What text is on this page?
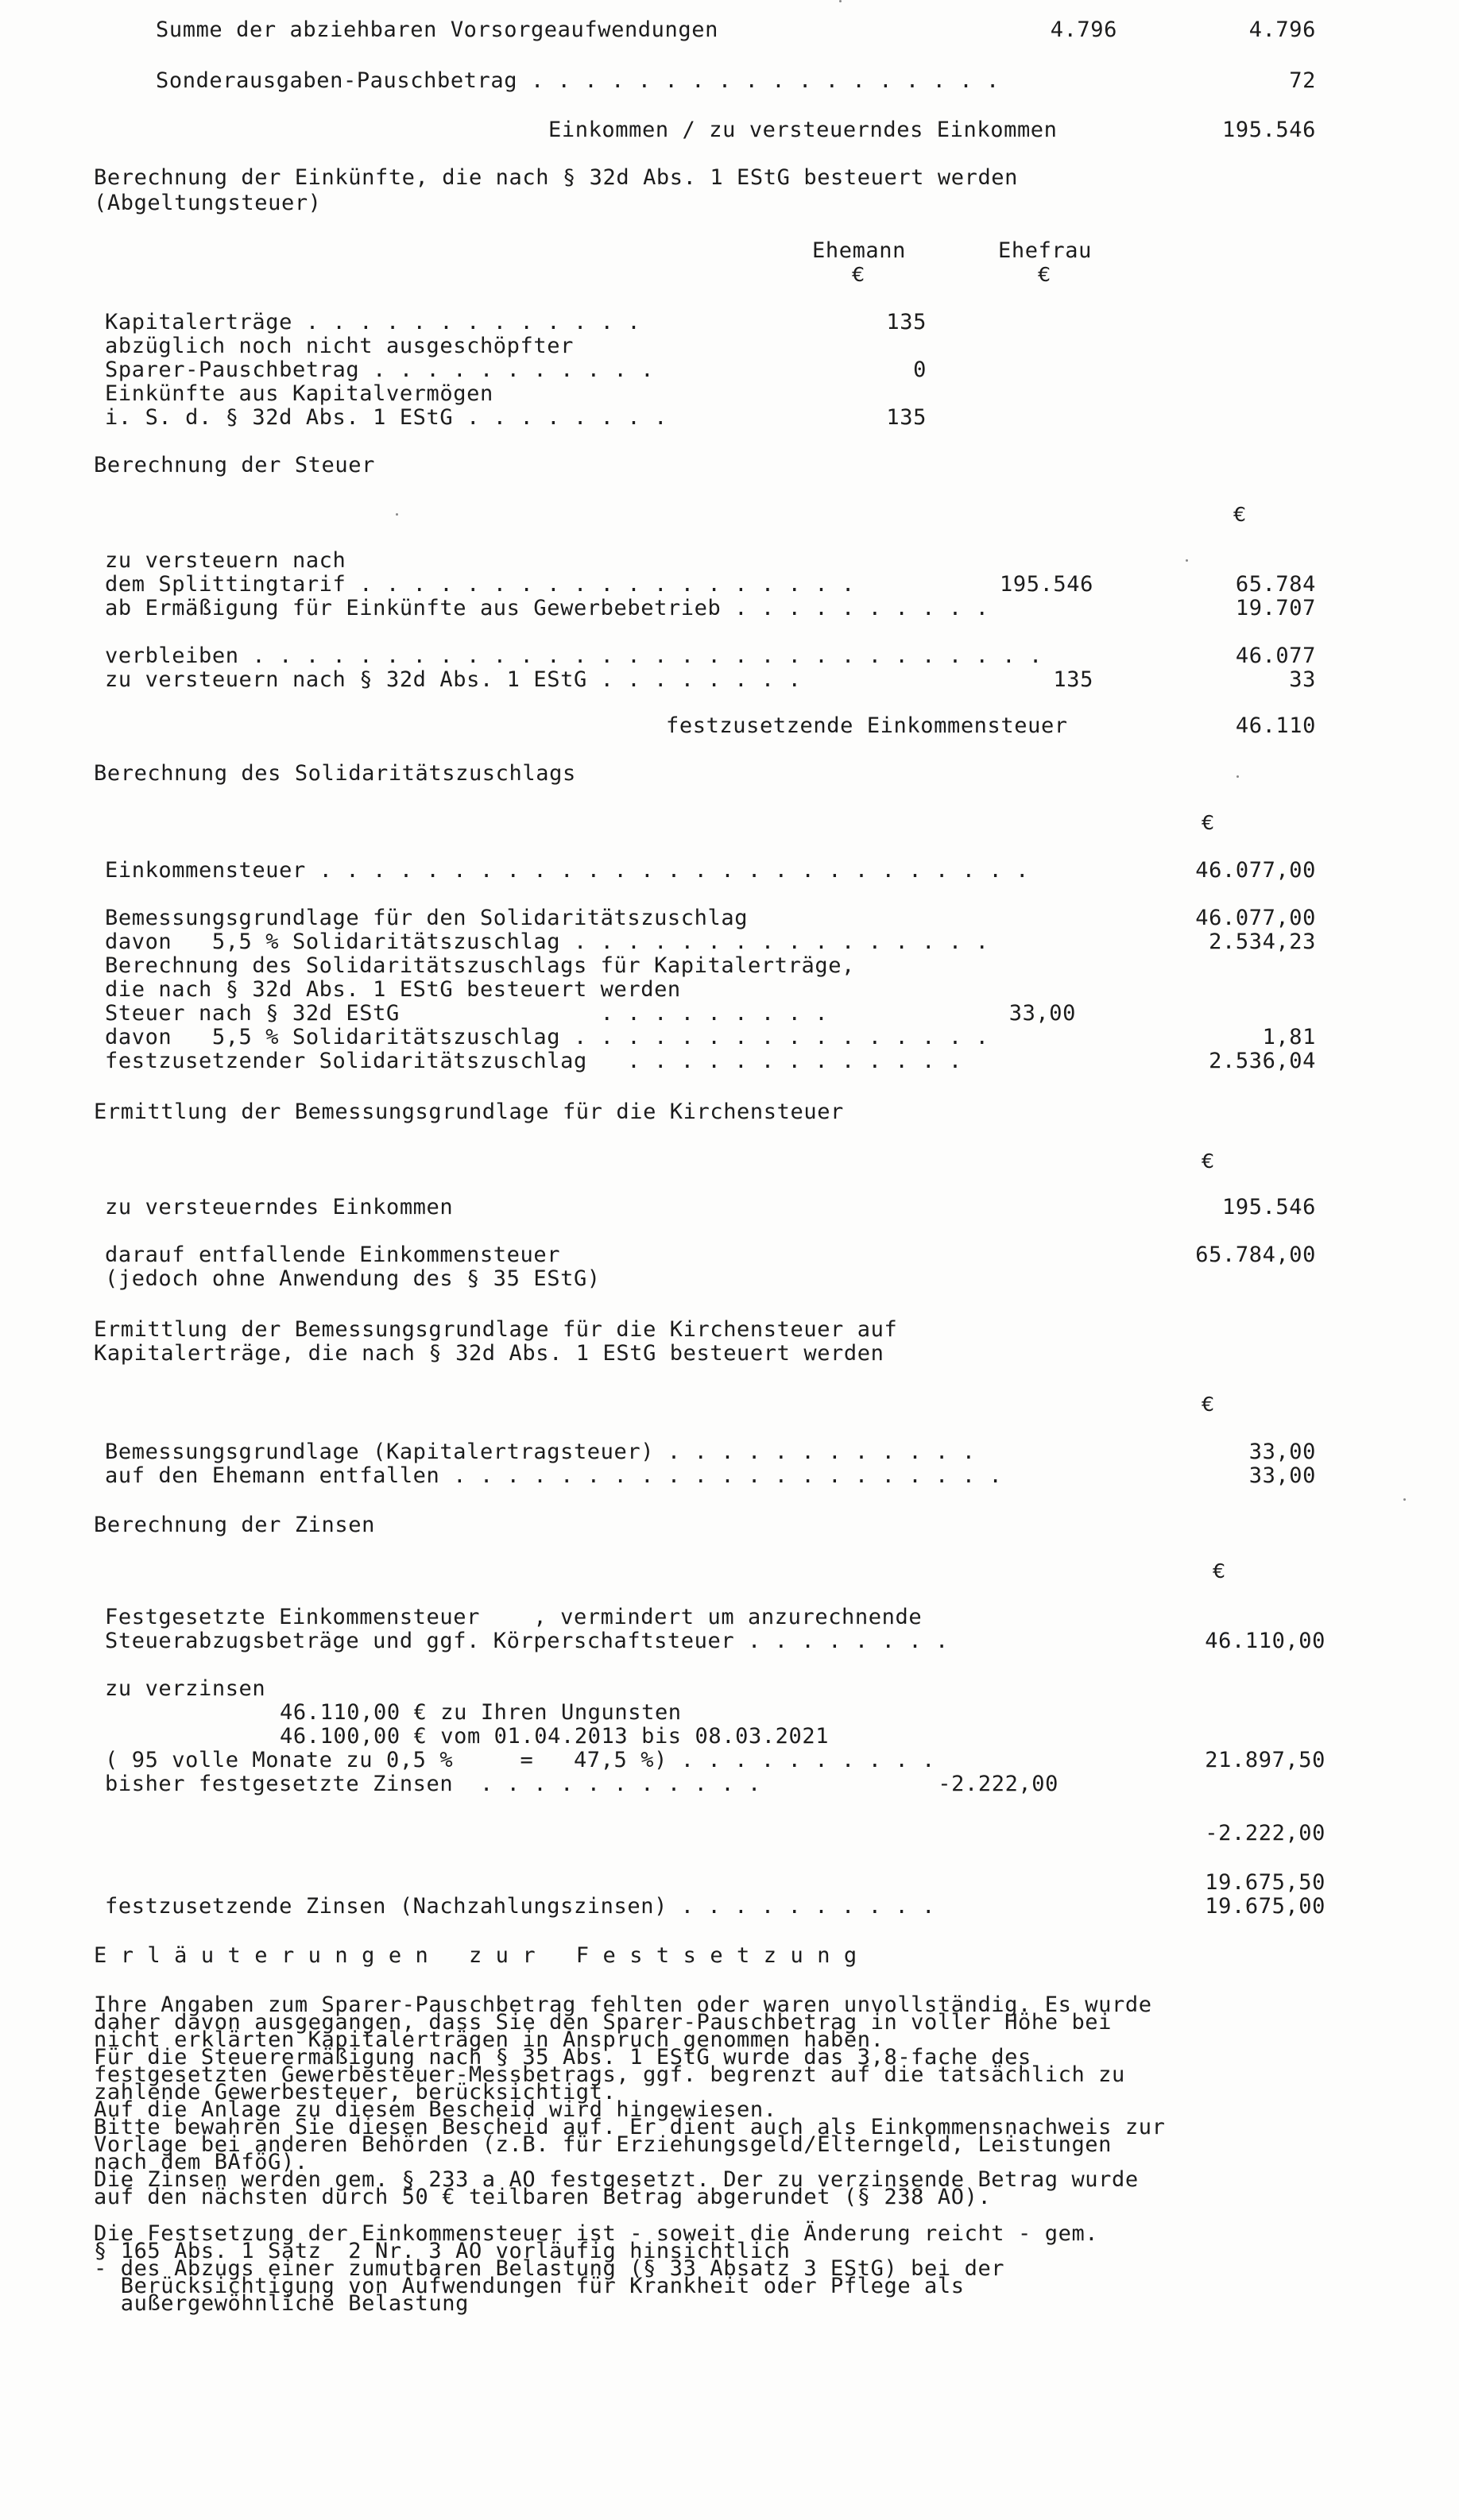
Summe der abziehbaren Vorsorgeaufwendungen	4.796	4.796
Sonderausgaben-Pauschbetrag . . . . . . . . . . . . . . . . . .	72
Einkommen / zu versteuerndes Einkommen	195.546
Berechnung der Einkünfte, die nach § 32d Abs. 1 EStG besteuert werden
(Abgeltungsteuer)
Ehemann	Ehefrau
€	€
Kapitalerträge . . . . . . . . . . . . .	135
abzüglich noch nicht ausgeschöpfter
Sparer-Pauschbetrag . . . . . . . . . . .	0
Einkünfte aus Kapitalvermögen
i. S. d. § 32d Abs. 1 EStG . . . . . . . .	135
Berechnung der Steuer
€
zu versteuern nach
dem Splittingtarif . . . . . . . . . . . . . . . . . . .	195.546	65.784
ab Ermäßigung für Einkünfte aus Gewerbebetrieb . . . . . . . . . .	19.707
verbleiben . . . . . . . . . . . . . . . . . . . . . . . . . . . . . .	46.077
zu versteuern nach § 32d Abs. 1 EStG . . . . . . . .	135	33
festzusetzende Einkommensteuer	46.110
Berechnung des Solidaritätszuschlags
€
Einkommensteuer . . . . . . . . . . . . . . . . . . . . . . . . . . .	46.077,00
Bemessungsgrundlage für den Solidaritätszuschlag	46.077,00
davon   5,5 % Solidaritätszuschlag . . . . . . . . . . . . . . . .	2.534,23
Berechnung des Solidaritätszuschlags für Kapitalerträge,
die nach § 32d Abs. 1 EStG besteuert werden
Steuer nach § 32d EStG               . . . . . . . . .	33,00
davon   5,5 % Solidaritätszuschlag . . . . . . . . . . . . . . . .	1,81
festzusetzender Solidaritätszuschlag   . . . . . . . . . . . . .	2.536,04
Ermittlung der Bemessungsgrundlage für die Kirchensteuer
€
zu versteuerndes Einkommen	195.546
darauf entfallende Einkommensteuer	65.784,00
(jedoch ohne Anwendung des § 35 EStG)
Ermittlung der Bemessungsgrundlage für die Kirchensteuer auf
Kapitalerträge, die nach § 32d Abs. 1 EStG besteuert werden
€
Bemessungsgrundlage (Kapitalertragsteuer) . . . . . . . . . . . .	33,00
auf den Ehemann entfallen . . . . . . . . . . . . . . . . . . . . .	33,00
Berechnung der Zinsen
€
Festgesetzte Einkommensteuer    , vermindert um anzurechnende
Steuerabzugsbeträge und ggf. Körperschaftsteuer . . . . . . . .	46.110,00
zu verzinsen
46.110,00 € zu Ihren Ungunsten
46.100,00 € vom 01.04.2013 bis 08.03.2021
( 95 volle Monate zu 0,5 %     =   47,5 %) . . . . . . . . . .	21.897,50
bisher festgesetzte Zinsen  . . . . . . . . . . .	-2.222,00
-2.222,00
19.675,50
festzusetzende Zinsen (Nachzahlungszinsen) . . . . . . . . . .	19.675,00
E r l ä u t e r u n g e n   z u r   F e s t s e t z u n g
Ihre Angaben zum Sparer-Pauschbetrag fehlten oder waren unvollständig. Es wurde
daher davon ausgegangen, dass Sie den Sparer-Pauschbetrag in voller Höhe bei
nicht erklärten Kapitalerträgen in Anspruch genommen haben.
Für die Steuerermäßigung nach § 35 Abs. 1 EStG wurde das 3,8-fache des
festgesetzten Gewerbesteuer-Messbetrags, ggf. begrenzt auf die tatsächlich zu
zahlende Gewerbesteuer, berücksichtigt.
Auf die Anlage zu diesem Bescheid wird hingewiesen.
Bitte bewahren Sie diesen Bescheid auf. Er dient auch als Einkommensnachweis zur
Vorlage bei anderen Behörden (z.B. für Erziehungsgeld/Elterngeld, Leistungen
nach dem BAföG).
Die Zinsen werden gem. § 233 a AO festgesetzt. Der zu verzinsende Betrag wurde
auf den nächsten durch 50 € teilbaren Betrag abgerundet (§ 238 AO).
Die Festsetzung der Einkommensteuer ist - soweit die Änderung reicht - gem.
§ 165 Abs. 1 Satz  2 Nr. 3 AO vorläufig hinsichtlich
- des Abzugs einer zumutbaren Belastung (§ 33 Absatz 3 EStG) bei der
Berücksichtigung von Aufwendungen für Krankheit oder Pflege als
außergewöhnliche Belastung
